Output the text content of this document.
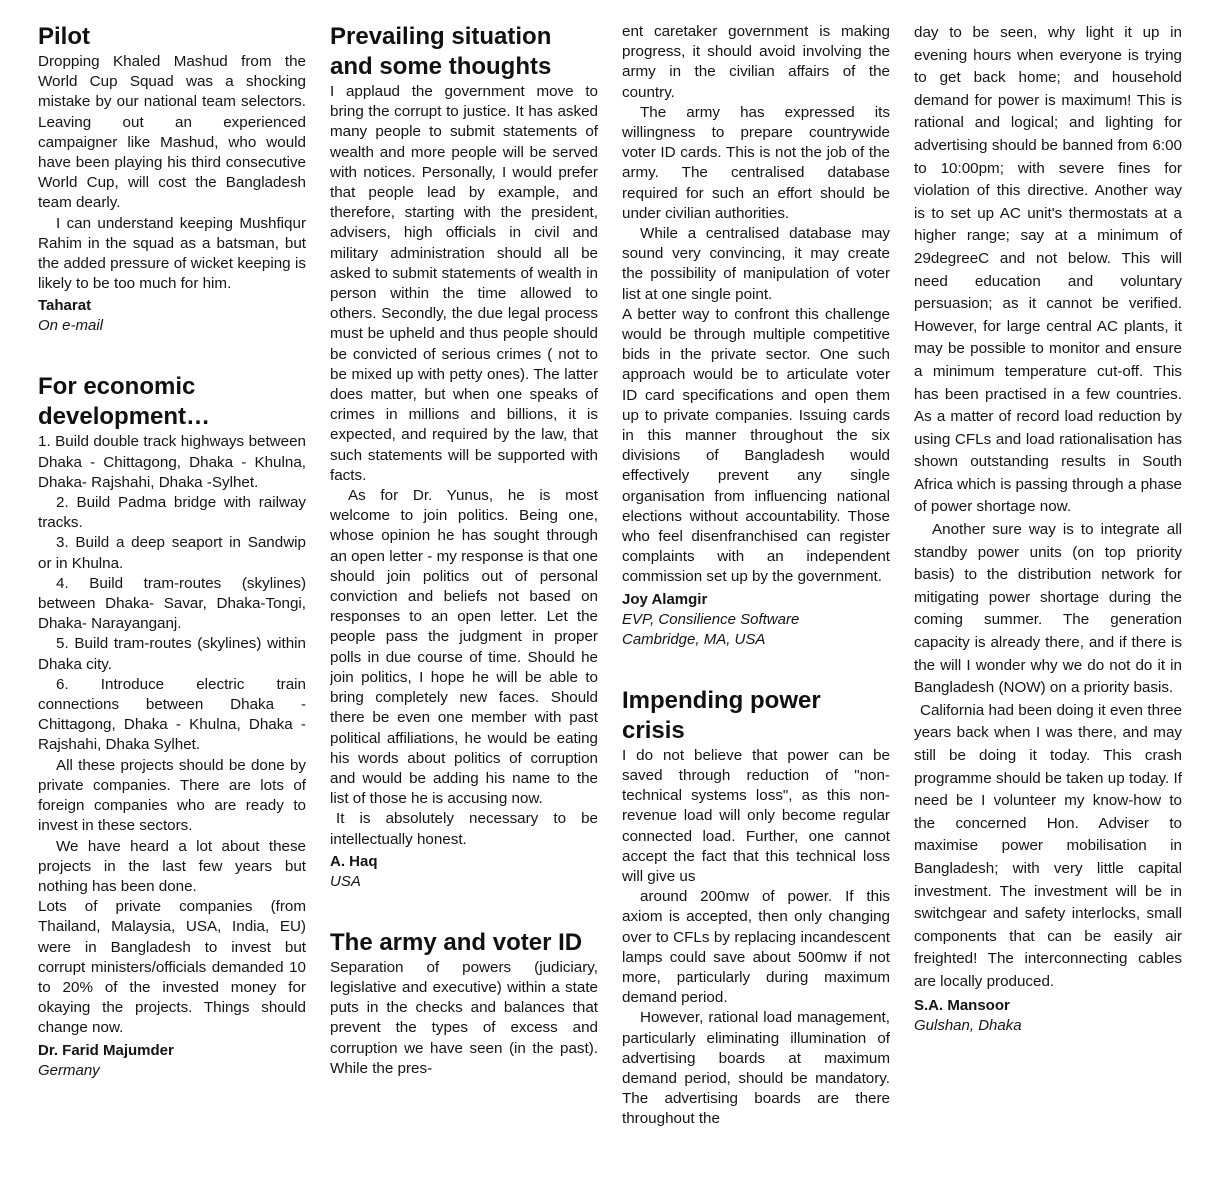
Pilot

Dropping Khaled Mashud from the World Cup Squad was a shocking mistake by our national team selectors. Leaving out an experienced campaigner like Mashud, who would have been playing his third consecutive World Cup, will cost the Bangladesh team dearly.

I can understand keeping Mushfiqur Rahim in the squad as a batsman, but the added pressure of wicket keeping is likely to be too much for him.

Taharat

On e-mail

For economic development…

1. Build double track highways between Dhaka - Chittagong, Dhaka - Khulna, Dhaka- Rajshahi, Dhaka -Sylhet.

2. Build Padma bridge with railway tracks.

3. Build a deep seaport in Sandwip or in Khulna.

4. Build tram-routes (skylines) between Dhaka- Savar, Dhaka-Tongi, Dhaka- Narayanganj.

5. Build tram-routes (skylines) within Dhaka city.

6. Introduce electric train connections between Dhaka - Chittagong, Dhaka - Khulna, Dhaka - Rajshahi, Dhaka Sylhet.

All these projects should be done by private companies. There are lots of foreign companies who are ready to invest in these sectors.

We have heard a lot about these projects in the last few years but nothing has been done.

Lots of private companies (from Thailand, Malaysia, USA, India, EU) were in Bangladesh to invest but corrupt ministers/officials demanded 10 to 20% of the invested money for okaying the projects. Things should change now.

Dr. Farid Majumder

Germany

Prevailing situation and some thoughts

I applaud the government move to bring the corrupt to justice. It has asked many people to submit statements of wealth and more people will be served with notices. Personally, I would prefer that people lead by example, and therefore, starting with the president, advisers, high officials in civil and military administration should all be asked to submit statements of wealth in person within the time allowed to others. Secondly, the due legal process must be upheld and thus people should be convicted of serious crimes ( not to be mixed up with petty ones). The latter does matter, but when one speaks of crimes in millions and billions, it is expected, and required by the law, that such statements will be supported with facts.

As for Dr. Yunus, he is most welcome to join politics. Being one, whose opinion he has sought through an open letter - my response is that one should join politics out of personal conviction and beliefs not based on responses to an open letter. Let the people pass the judgment in proper polls in due course of time. Should he join politics, I hope he will be able to bring completely new faces. Should there be even one member with past political affiliations, he would be eating his words about politics of corruption and would be adding his name to the list of those he is accusing now.

It is absolutely necessary to be intellectually honest.

A. Haq

USA

The army and voter ID

Separation of powers (judiciary, legislative and executive) within a state puts in the checks and balances that prevent the types of excess and corruption we have seen (in the past). While the pres-

ent caretaker government is making progress, it should avoid involving the army in the civilian affairs of the country.

The army has expressed its willingness to prepare countrywide voter ID cards. This is not the job of the army. The centralised database required for such an effort should be under civilian authorities.

While a centralised database may sound very convincing, it may create the possibility of manipulation of voter list at one single point.

A better way to confront this challenge would be through multiple competitive bids in the private sector. One such approach would be to articulate voter ID card specifications and open them up to private companies. Issuing cards in this manner throughout the six divisions of Bangladesh would effectively prevent any single organisation from influencing national elections without accountability. Those who feel disenfranchised can register complaints with an independent commission set up by the government.

Joy Alamgir

EVP, Consilience Software

Cambridge, MA, USA

Impending power crisis

I do not believe that power can be saved through reduction of "non-technical systems loss", as this non-revenue load will only become regular connected load. Further, one cannot accept the fact that this technical loss will give us

around 200mw of power. If this axiom is accepted, then only changing over to CFLs by replacing incandescent lamps could save about 500mw if not more, particularly during maximum demand period.

However, rational load management, particularly eliminating illumination of advertising boards at maximum demand period, should be mandatory. The advertising boards are there throughout the

day to be seen, why light it up in evening hours when everyone is trying to get back home; and household demand for power is maximum! This is rational and logical; and lighting for advertising should be banned from 6:00 to 10:00pm; with severe fines for violation of this directive. Another way is to set up AC unit's thermostats at a higher range; say at a minimum of 29degreeC and not below. This will need education and voluntary persuasion; as it cannot be verified. However, for large central AC plants, it may be possible to monitor and ensure a minimum temperature cut-off. This has been practised in a few countries. As a matter of record load reduction by using CFLs and load rationalisation has shown outstanding results in South Africa which is passing through a phase of power shortage now.

Another sure way is to integrate all standby power units (on top priority basis) to the distribution network for mitigating power shortage during the coming summer. The generation capacity is already there, and if there is the will I wonder why we do not do it in Bangladesh (NOW) on a priority basis.

California had been doing it even three years back when I was there, and may still be doing it today. This crash programme should be taken up today. If need be I volunteer my know-how to the concerned Hon. Adviser to maximise power mobilisation in Bangladesh; with very little capital investment. The investment will be in switchgear and safety interlocks, small components that can be easily air freighted! The interconnecting cables are locally produced.

S.A. Mansoor

Gulshan, Dhaka
